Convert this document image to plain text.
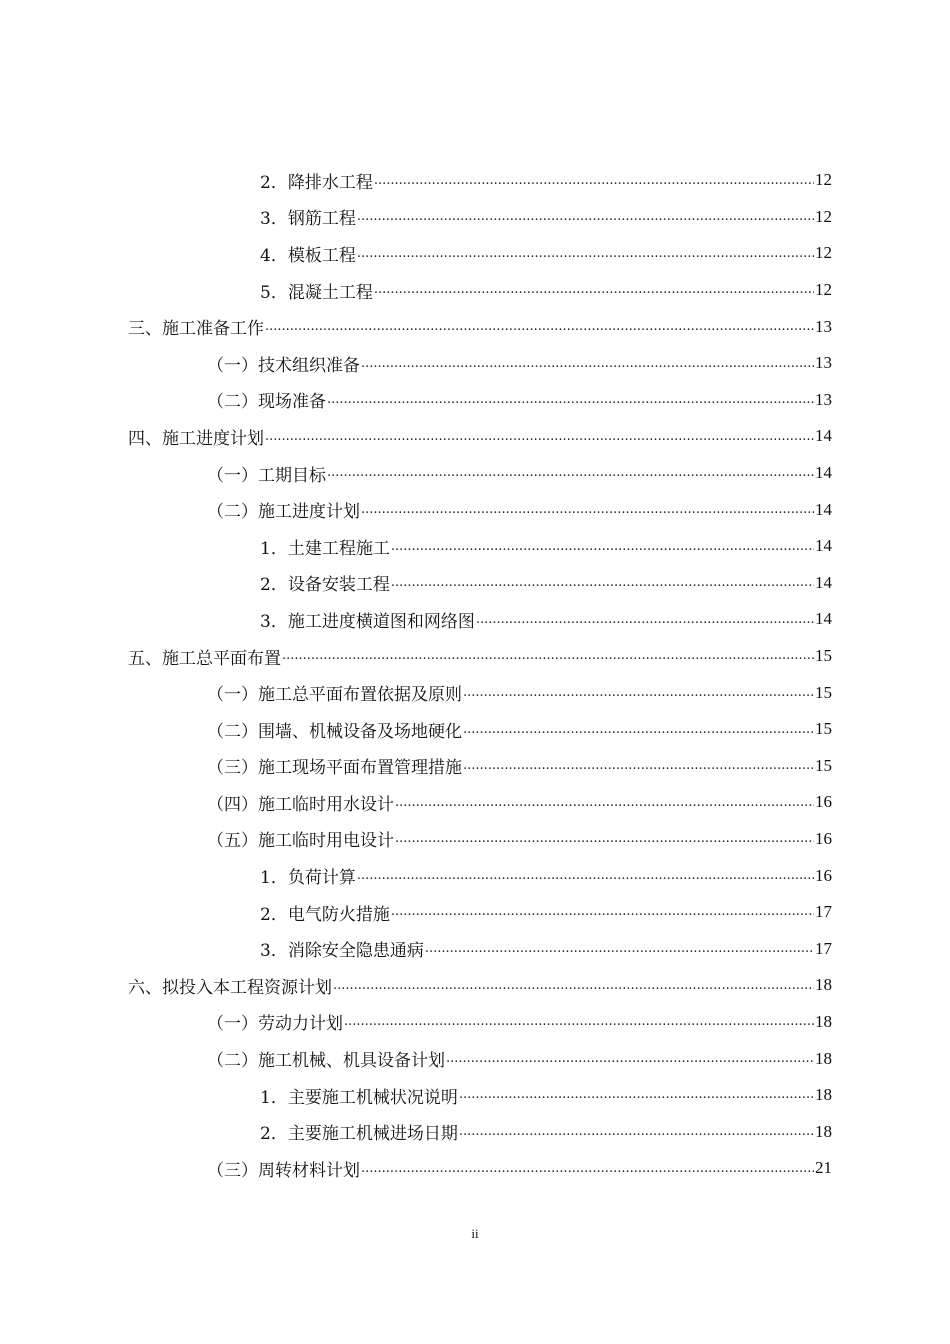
2． 降排水工程 .....	12
3． 钢筋工程 .....	12
4． 模板工程 .....	12
5． 混凝土工程 .....	12
三、 施工准备工作 .....	13
（一） 技术组织准备 .....	13
（二） 现场准备 .....	13
四、 施工进度计划 .....	14
（一） 工期目标 .....	14
（二） 施工进度计划 .....	14
1． 土建工程施工 .....	14
2． 设备安装工程 .....	14
3． 施工进度横道图和网络图 .....	14
五、 施工总平面布置 .....	15
（一） 施工总平面布置依据及原则 .....	15
（二） 围墙、机械设备及场地硬化 .....	15
（三） 施工现场平面布置管理措施 .....	15
（四） 施工临时用水设计 .....	16
（五） 施工临时用电设计 .....	16
1． 负荷计算 .....	16
2． 电气防火措施 .....	17
3． 消除安全隐患通病 .....	17
六、 拟投入本工程资源计划 .....	18
（一） 劳动力计划 .....	18
（二） 施工机械、机具设备计划 .....	18
1． 主要施工机械状况说明 .....	18
2． 主要施工机械进场日期 .....	18
（三） 周转材料计划 .....	21
ii
